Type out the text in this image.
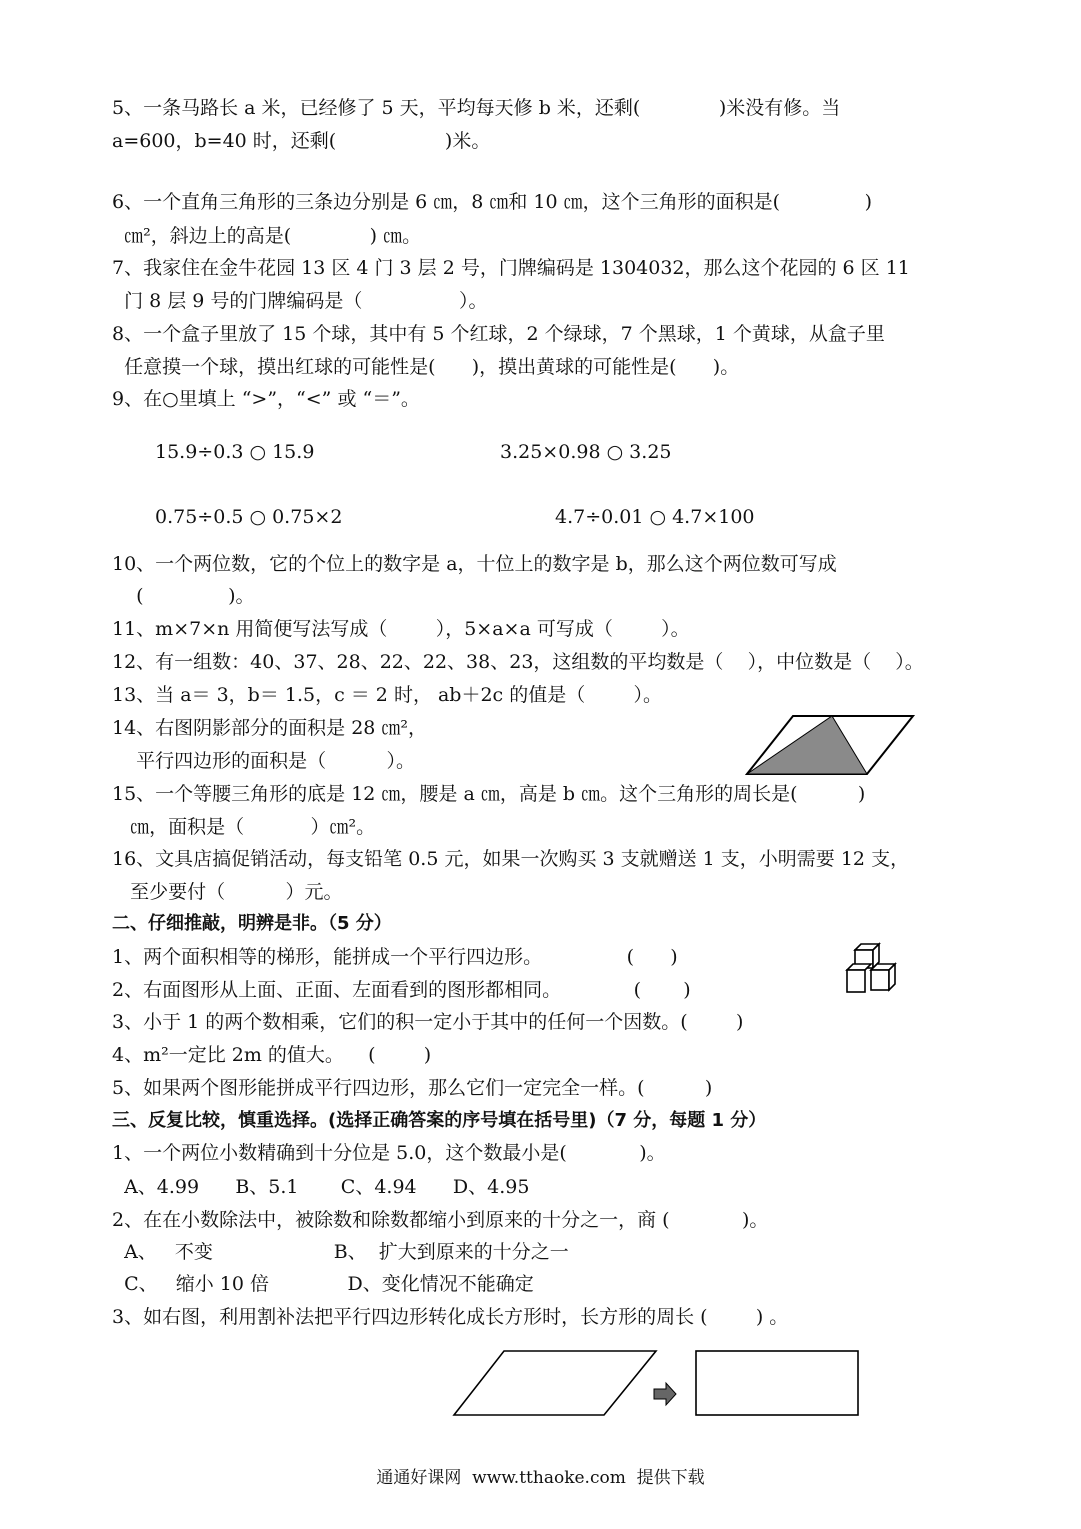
5、一条马路长 a 米，已经修了 5 天，平均每天修 b 米，还剩(             )米没有修。当
a=600，b=40 时，还剩(                  )米。
6、一个直角三角形的三条边分别是 6 ㎝，8 ㎝和 10 ㎝，这个三角形的面积是(              )
㎝²，斜边上的高是(             ) ㎝。
7、我家住在金牛花园 13 区 4 门 3 层 2 号，门牌编码是 1304032，那么这个花园的 6 区 11
门 8 层 9 号的门牌编码是（                ）。
8、一个盒子里放了 15 个球，其中有 5 个红球，2 个绿球，7 个黑球，1 个黄球，从盒子里
任意摸一个球，摸出红球的可能性是(      )，摸出黄球的可能性是(      )。
9、在○里填上 “>”，“<” 或 “＝”。
15.9÷0.3 ○ 15.9	3.25×0.98 ○ 3.25
0.75÷0.5 ○ 0.75×2	4.7÷0.01 ○ 4.7×100
10、一个两位数，它的个位上的数字是 a，十位上的数字是 b，那么这个两位数可写成
(              )。
11、m×7×n 用简便写法写成（        ），5×a×a 可写成（        ）。
12、有一组数：40、37、28、22、22、38、23，这组数的平均数是（    ），中位数是（    ）。
13、当 a＝ 3，b＝ 1.5，c ＝ 2 时， ab＋2c 的值是（        ）。
14、右图阴影部分的面积是 28 ㎝²，
平行四边形的面积是（          ）。
15、一个等腰三角形的底是 12 ㎝，腰是 a ㎝，高是 b ㎝。这个三角形的周长是(          )
㎝，面积是（           ）㎝²。
16、文具店搞促销活动，每支铅笔 0.5 元，如果一次购买 3 支就赠送 1 支，小明需要 12 支，
至少要付（          ）元。
二、仔细推敲，明辨是非。（5 分）
1、两个面积相等的梯形，能拼成一个平行四边形。              (      )
2、右面图形从上面、正面、左面看到的图形都相同。            (       )
3、小于 1 的两个数相乘，它们的积一定小于其中的任何一个因数。(        )
4、m²一定比 2m 的值大。    (        )
5、如果两个图形能拼成平行四边形，那么它们一定完全一样。(          )
三、反复比较，慎重选择。(选择正确答案的序号填在括号里)（7 分，每题 1 分）
1、一个两位小数精确到十分位是 5.0，这个数最小是(            )。
A、4.99      B、5.1       C、4.94      D、4.95
2、在在小数除法中，被除数和除数都缩小到原来的十分之一，商 (            )。
A、   不变                    B、  扩大到原来的十分之一
C、   缩小 10 倍             D、变化情况不能确定
3、如右图，利用割补法把平行四边形转化成长方形时，长方形的周长 (        ) 。
通通好课网  www.tthaoke.com  提供下载
